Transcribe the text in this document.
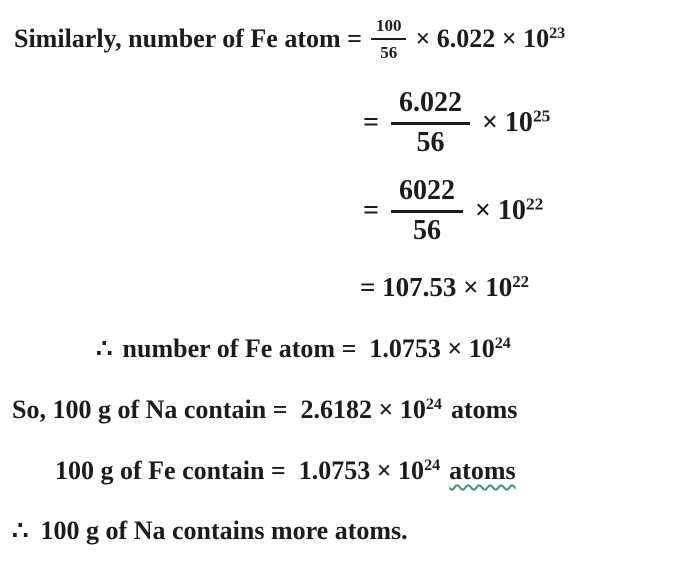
Similarly, number of Fe atom = $\frac{100}{56} \times 6.022 \times 10^{23}$
= $\frac{6.022}{56} \times 10^{25}$
= $\frac{6022}{56} \times 10^{22}$
= $107.53 \times 10^{22}$
∴ number of Fe atom =  $1.0753 \times 10^{24}$
So, 100 g of Na contain =  $2.6182 \times 10^{24}$ atoms
100 g of Fe contain =  $1.0753 \times 10^{24}$ atoms
∴ 100 g of Na contains more atoms.
